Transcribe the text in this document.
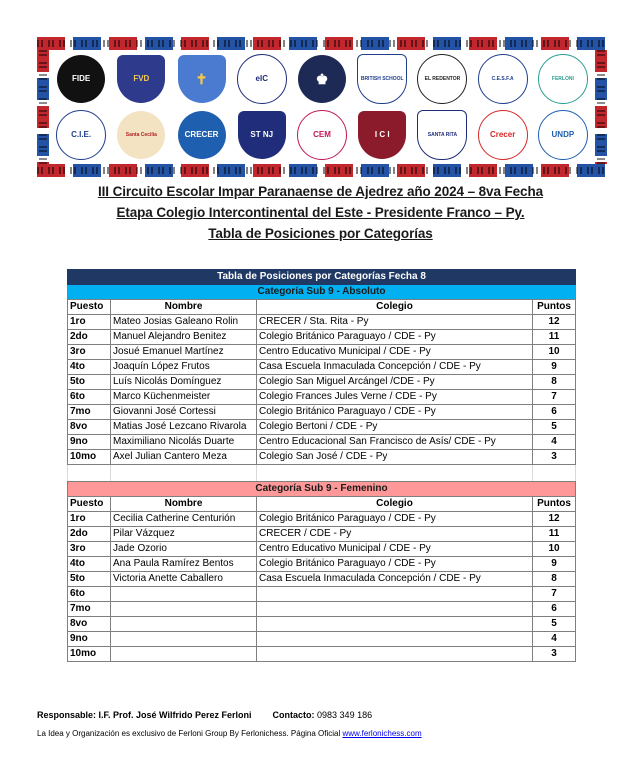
FIDE	FVD	✝	eIC	♚	BRITISH SCHOOL	EL REDENTOR	C.E.S.F.A	FERLONI
C.I.E.	Santa Cecilia	CRECER	ST NJ	CEM	I C I	SANTA RITA	Crecer	UNDP
III Circuito Escolar Impar Paranaense de Ajedrez año 2024 – 8va Fecha
Etapa Colegio Intercontinental del Este - Presidente Franco – Py.
Tabla de Posiciones por Categorías
Tabla de Posiciones por Categorías Fecha 8			
Categoría Sub 9 - Absoluto			
Puesto	Nombre	Colegio	Puntos
1ro	Mateo Josias Galeano Rolin	CRECER / Sta. Rita - Py	12
2do	Manuel Alejandro Benitez	Colegio Británico Paraguayo / CDE - Py	11
3ro	Josué Emanuel Martínez	Centro Educativo Municipal / CDE - Py	10
4to	Joaquín López Frutos	Casa Escuela Inmaculada Concepción / CDE - Py	9
5to	Luís Nicolás Domínguez	Colegio San Miguel Arcángel /CDE - Py	8
6to	Marco Küchenmeister	Colegio Frances Jules Verne / CDE - Py	7
7mo	Giovanni José Cortessi	Colegio Británico Paraguayo / CDE - Py	6
8vo	Matias José Lezcano Rivarola	Colegio Bertoni / CDE - Py	5
9no	Maximiliano Nicolás Duarte	Centro Educacional San Francisco de Asís/ CDE - Py	4
10mo	Axel Julian Cantero Meza	Colegio San José / CDE - Py	3

Categoría Sub 9 - Femenino			
Puesto	Nombre	Colegio	Puntos
1ro	Cecilia Catherine Centurión	Colegio Británico Paraguayo / CDE - Py	12
2do	Pilar Vázquez	CRECER / CDE - Py	11
3ro	Jade Ozorio	Centro Educativo Municipal / CDE - Py	10
4to	Ana Paula Ramírez Bentos	Colegio Británico Paraguayo / CDE - Py	9
5to	Victoria Anette Caballero	Casa Escuela Inmaculada Concepción / CDE - Py	8
6to			7
7mo			6
8vo			5
9no			4
10mo			3
Responsable: I.F. Prof. José Wilfrido Perez Ferloni Contacto: 0983 349 186
La Idea y Organización es exclusivo de Ferloni Group By Ferlonichess. Página Oficial www.ferlonichess.com
